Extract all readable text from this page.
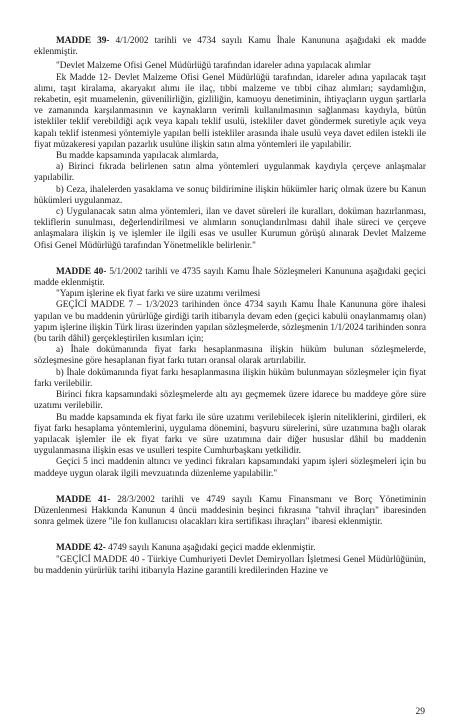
MADDE 39- 4/1/2002 tarihli ve 4734 sayılı Kamu İhale Kanununa aşağıdaki ek madde eklenmiştir.

"Devlet Malzeme Ofisi Genel Müdürlüğü tarafından idareler adına yapılacak alımlar

Ek Madde 12- Devlet Malzeme Ofisi Genel Müdürlüğü tarafından, idareler adına yapılacak taşıt alımı, taşıt kiralama, akaryakıt alımı ile ilaç, tıbbi malzeme ve tıbbi cihaz alımları; saydamlığın, rekabetin, eşit muamelenin, güvenilirliğin, gizliliğin, kamuoyu denetiminin, ihtiyaçların uygun şartlarla ve zamanında karşılanmasının ve kaynakların verimli kullanılmasının sağlanması kaydıyla, bütün istekliler teklif verebildiği açık veya kapalı teklif usulü, istekliler davet göndermek suretiyle açık veya kapalı teklif istenmesi yöntemiyle yapılan belli istekliler arasında ihale usulü veya davet edilen istekli ile fiyat müzakeresi yapılan pazarlık usulüne ilişkin satın alma yöntemleri ile yapılabilir.

Bu madde kapsamında yapılacak alımlarda,

a) Birinci fıkrada belirlenen satın alma yöntemleri uygulanmak kaydıyla çerçeve anlaşmalar yapılabilir.

b) Ceza, ihalelerden yasaklama ve sonuç bildirimine ilişkin hükümler hariç olmak üzere bu Kanun hükümleri uygulanmaz.

c) Uygulanacak satın alma yöntemleri, ilan ve davet süreleri ile kuralları, doküman hazırlanması, tekliflerin sunulması, değerlendirilmesi ve alımların sonuçlandırılması dahil ihale süreci ve çerçeve anlaşmalara ilişkin iş ve işlemler ile ilgili esas ve usuller Kurumun görüşü alınarak Devlet Malzeme Ofisi Genel Müdürlüğü tarafından Yönetmelikle belirlenir."

MADDE 40- 5/1/2002 tarihli ve 4735 sayılı Kamu İhale Sözleşmeleri Kanununa aşağıdaki geçici madde eklenmiştir.

"Yapım işlerine ek fiyat farkı ve süre uzatımı verilmesi

GEÇİCİ MADDE 7 – 1/3/2023 tarihinden önce 4734 sayılı Kamu İhale Kanununa göre ihalesi yapılan ve bu maddenin yürürlüğe girdiği tarih itibarıyla devam eden (geçici kabulü onaylanmamış olan) yapım işlerine ilişkin Türk lirası üzerinden yapılan sözleşmelerde, sözleşmenin 1/1/2024 tarihinden sonra (bu tarih dâhil) gerçekleştirilen kısımları için;

a) İhale dokümanında fiyat farkı hesaplanmasına ilişkin hüküm bulunan sözleşmelerde, sözleşmesine göre hesaplanan fiyat farkı tutarı oransal olarak artırılabilir.

b) İhale dokümanında fiyat farkı hesaplanmasına ilişkin hüküm bulunmayan sözleşmeler için fiyat farkı verilebilir.

Birinci fıkra kapsamındaki sözleşmelerde altı ayı geçmemek üzere idarece bu maddeye göre süre uzatımı verilebilir.

Bu madde kapsamında ek fiyat farkı ile süre uzatımı verilebilecek işlerin niteliklerini, girdileri, ek fiyat farkı hesaplama yöntemlerini, uygulama dönemini, başvuru sürelerini, süre uzatımına bağlı olarak yapılacak işlemler ile ek fiyat farkı ve süre uzatımına dair diğer hususlar dâhil bu maddenin uygulanmasına ilişkin esas ve usulleri tespite Cumhurbaşkanı yetkilidir.

Geçici 5 inci maddenin altıncı ve yedinci fıkraları kapsamındaki yapım işleri sözleşmeleri için bu maddeye uygun olarak ilgili mevzuatında düzenleme yapılabilir."

MADDE 41- 28/3/2002 tarihli ve 4749 sayılı Kamu Finansmanı ve Borç Yönetiminin Düzenlenmesi Hakkında Kanunun 4 üncü maddesinin beşinci fıkrasına "tahvil ihraçları" ibaresinden sonra gelmek üzere "ile fon kullanıcısı olacakları kira sertifikası ihraçları" ibaresi eklenmiştir.

MADDE 42- 4749 sayılı Kanuna aşağıdaki geçici madde eklenmiştir.

"GEÇİCİ MADDE 40 - Türkiye Cumhuriyeti Devlet Demiryolları İşletmesi Genel Müdürlüğünün, bu maddenin yürürlük tarihi itibarıyla Hazine garantili kredilerinden Hazine ve

29
